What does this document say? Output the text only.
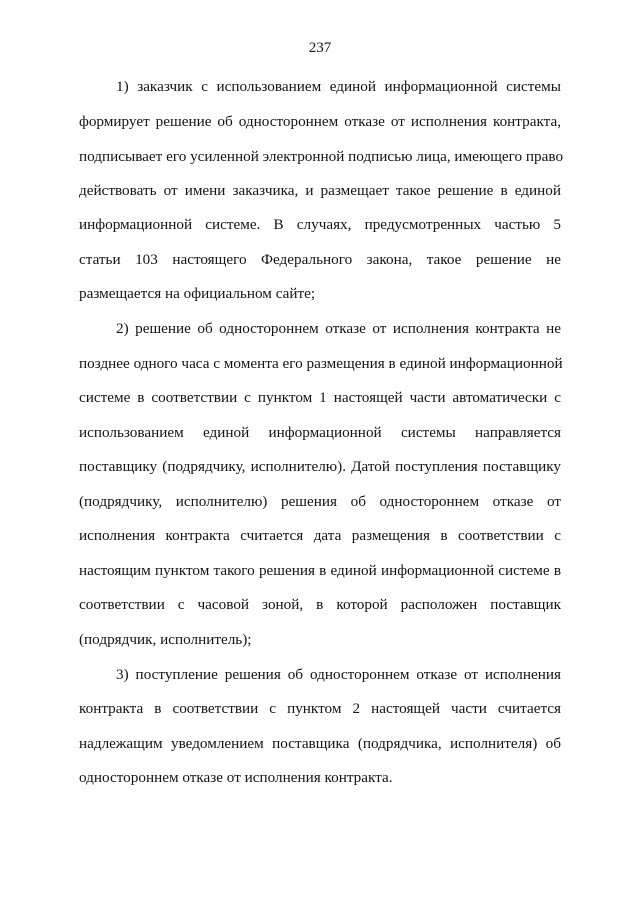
237
1) заказчик с использованием единой информационной системы
формирует решение об одностороннем отказе от исполнения контракта,
подписывает его усиленной электронной подписью лица, имеющего право
действовать от имени заказчика, и размещает такое решение в единой
информационной системе. В случаях, предусмотренных частью 5
статьи 103 настоящего Федерального закона, такое решение не
размещается на официальном сайте;
2) решение об одностороннем отказе от исполнения контракта не
позднее одного часа с момента его размещения в единой информационной
системе в соответствии с пунктом 1 настоящей части автоматически с
использованием единой информационной системы направляется
поставщику (подрядчику, исполнителю). Датой поступления поставщику
(подрядчику, исполнителю) решения об одностороннем отказе от
исполнения контракта считается дата размещения в соответствии с
настоящим пунктом такого решения в единой информационной системе в
соответствии с часовой зоной, в которой расположен поставщик
(подрядчик, исполнитель);
3) поступление решения об одностороннем отказе от исполнения
контракта в соответствии с пунктом 2 настоящей части считается
надлежащим уведомлением поставщика (подрядчика, исполнителя) об
одностороннем отказе от исполнения контракта.
